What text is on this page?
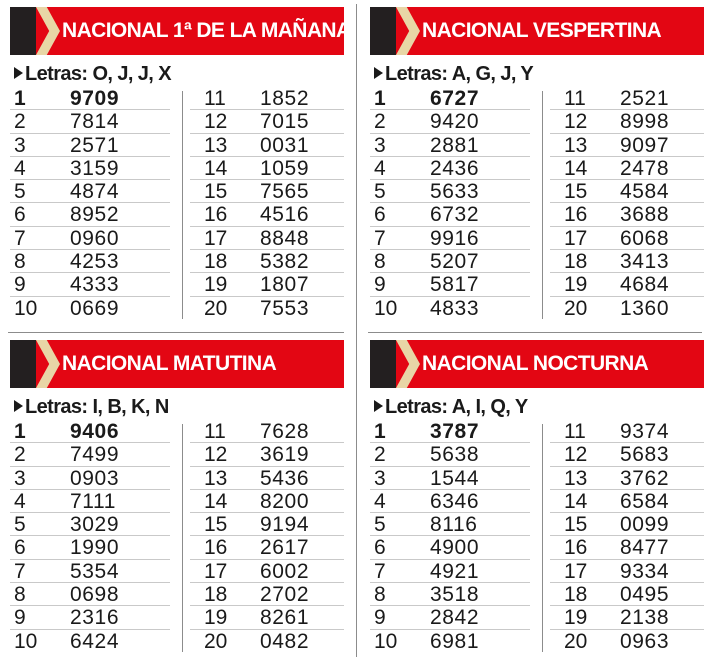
NACIONAL 1ª DE LA MAÑANA
Letras: O, J, J, X
1	9709
2	7814
3	2571
4	3159
5	4874
6	8952
7	0960
8	4253
9	4333
10	0669
11	1852
12	7015
13	0031
14	1059
15	7565
16	4516
17	8848
18	5382
19	1807
20	7553
NACIONAL VESPERTINA
Letras: A, G, J, Y
1	6727
2	9420
3	2881
4	2436
5	5633
6	6732
7	9916
8	5207
9	5817
10	4833
11	2521
12	8998
13	9097
14	2478
15	4584
16	3688
17	6068
18	3413
19	4684
20	1360
NACIONAL MATUTINA
Letras: I, B, K, N
1	9406
2	7499
3	0903
4	7111
5	3029
6	1990
7	5354
8	0698
9	2316
10	6424
11	7628
12	3619
13	5436
14	8200
15	9194
16	2617
17	6002
18	2702
19	8261
20	0482
NACIONAL NOCTURNA
Letras: A, I, Q, Y
1	3787
2	5638
3	1544
4	6346
5	8116
6	4900
7	4921
8	3518
9	2842
10	6981
11	9374
12	5683
13	3762
14	6584
15	0099
16	8477
17	9334
18	0495
19	2138
20	0963
